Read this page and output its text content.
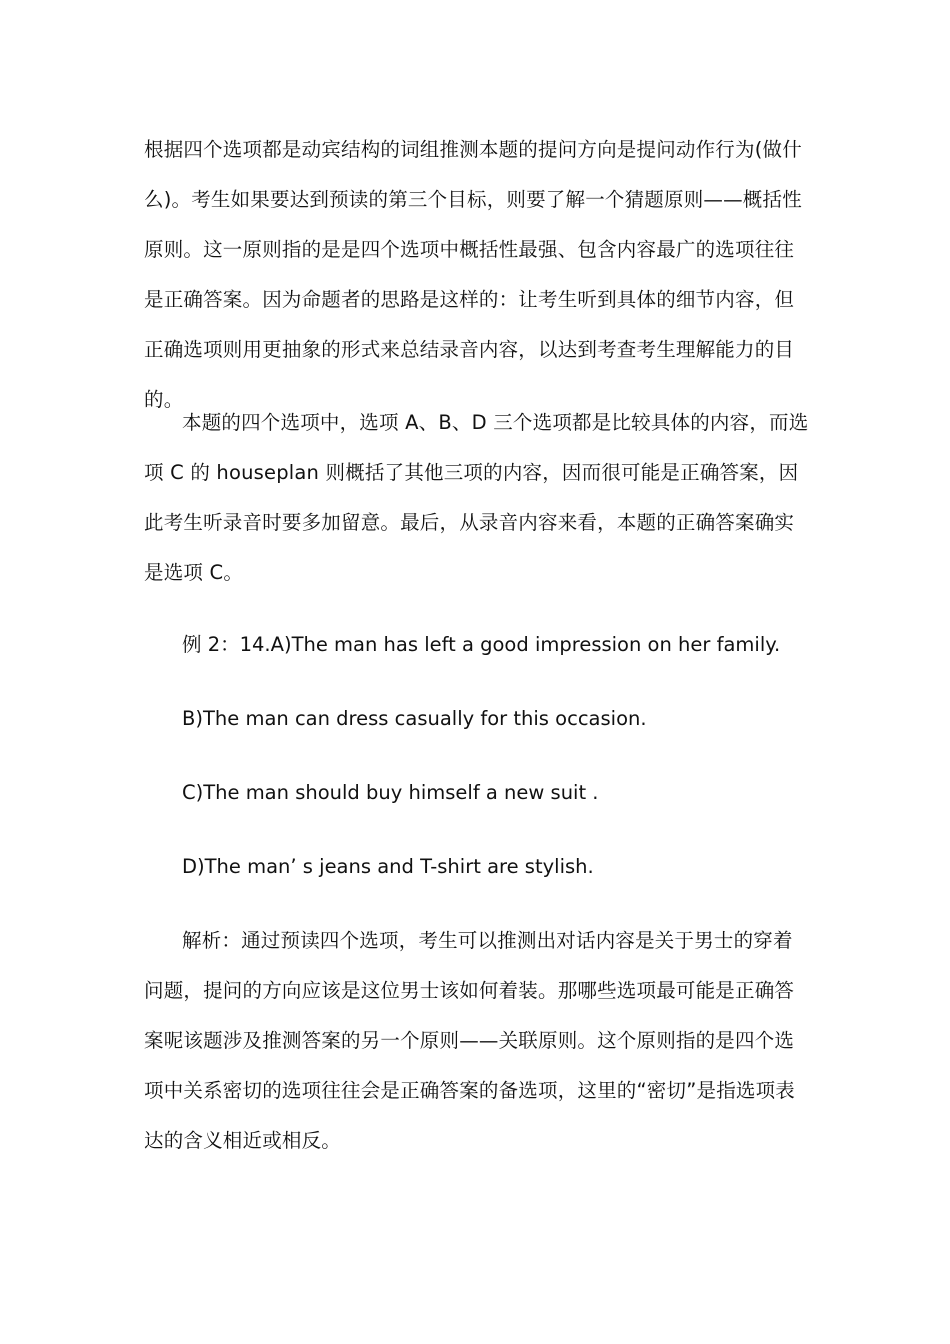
根据四个选项都是动宾结构的词组推测本题的提问方向是提问动作行为(做什么)。考生如果要达到预读的第三个目标，则要了解一个猜题原则——概括性原则。这一原则指的是是四个选项中概括性最强、包含内容最广的选项往往是正确答案。因为命题者的思路是这样的：让考生听到具体的细节内容，但正确选项则用更抽象的形式来总结录音内容，以达到考查考生理解能力的目的。

本题的四个选项中，选项 A、B、D 三个选项都是比较具体的内容，而选项 C 的 houseplan 则概括了其他三项的内容，因而很可能是正确答案，因此考生听录音时要多加留意。最后，从录音内容来看，本题的正确答案确实是选项 C。

例 2：14.A)The man has left a good impression on her family.

B)The man can dress casually for this occasion.

C)The man should buy himself a new suit .

D)The man’ s jeans and T-shirt are stylish.

解析：通过预读四个选项，考生可以推测出对话内容是关于男士的穿着问题，提问的方向应该是这位男士该如何着装。那哪些选项最可能是正确答案呢该题涉及推测答案的另一个原则——关联原则。这个原则指的是四个选项中关系密切的选项往往会是正确答案的备选项，这里的“密切”是指选项表达的含义相近或相反。
